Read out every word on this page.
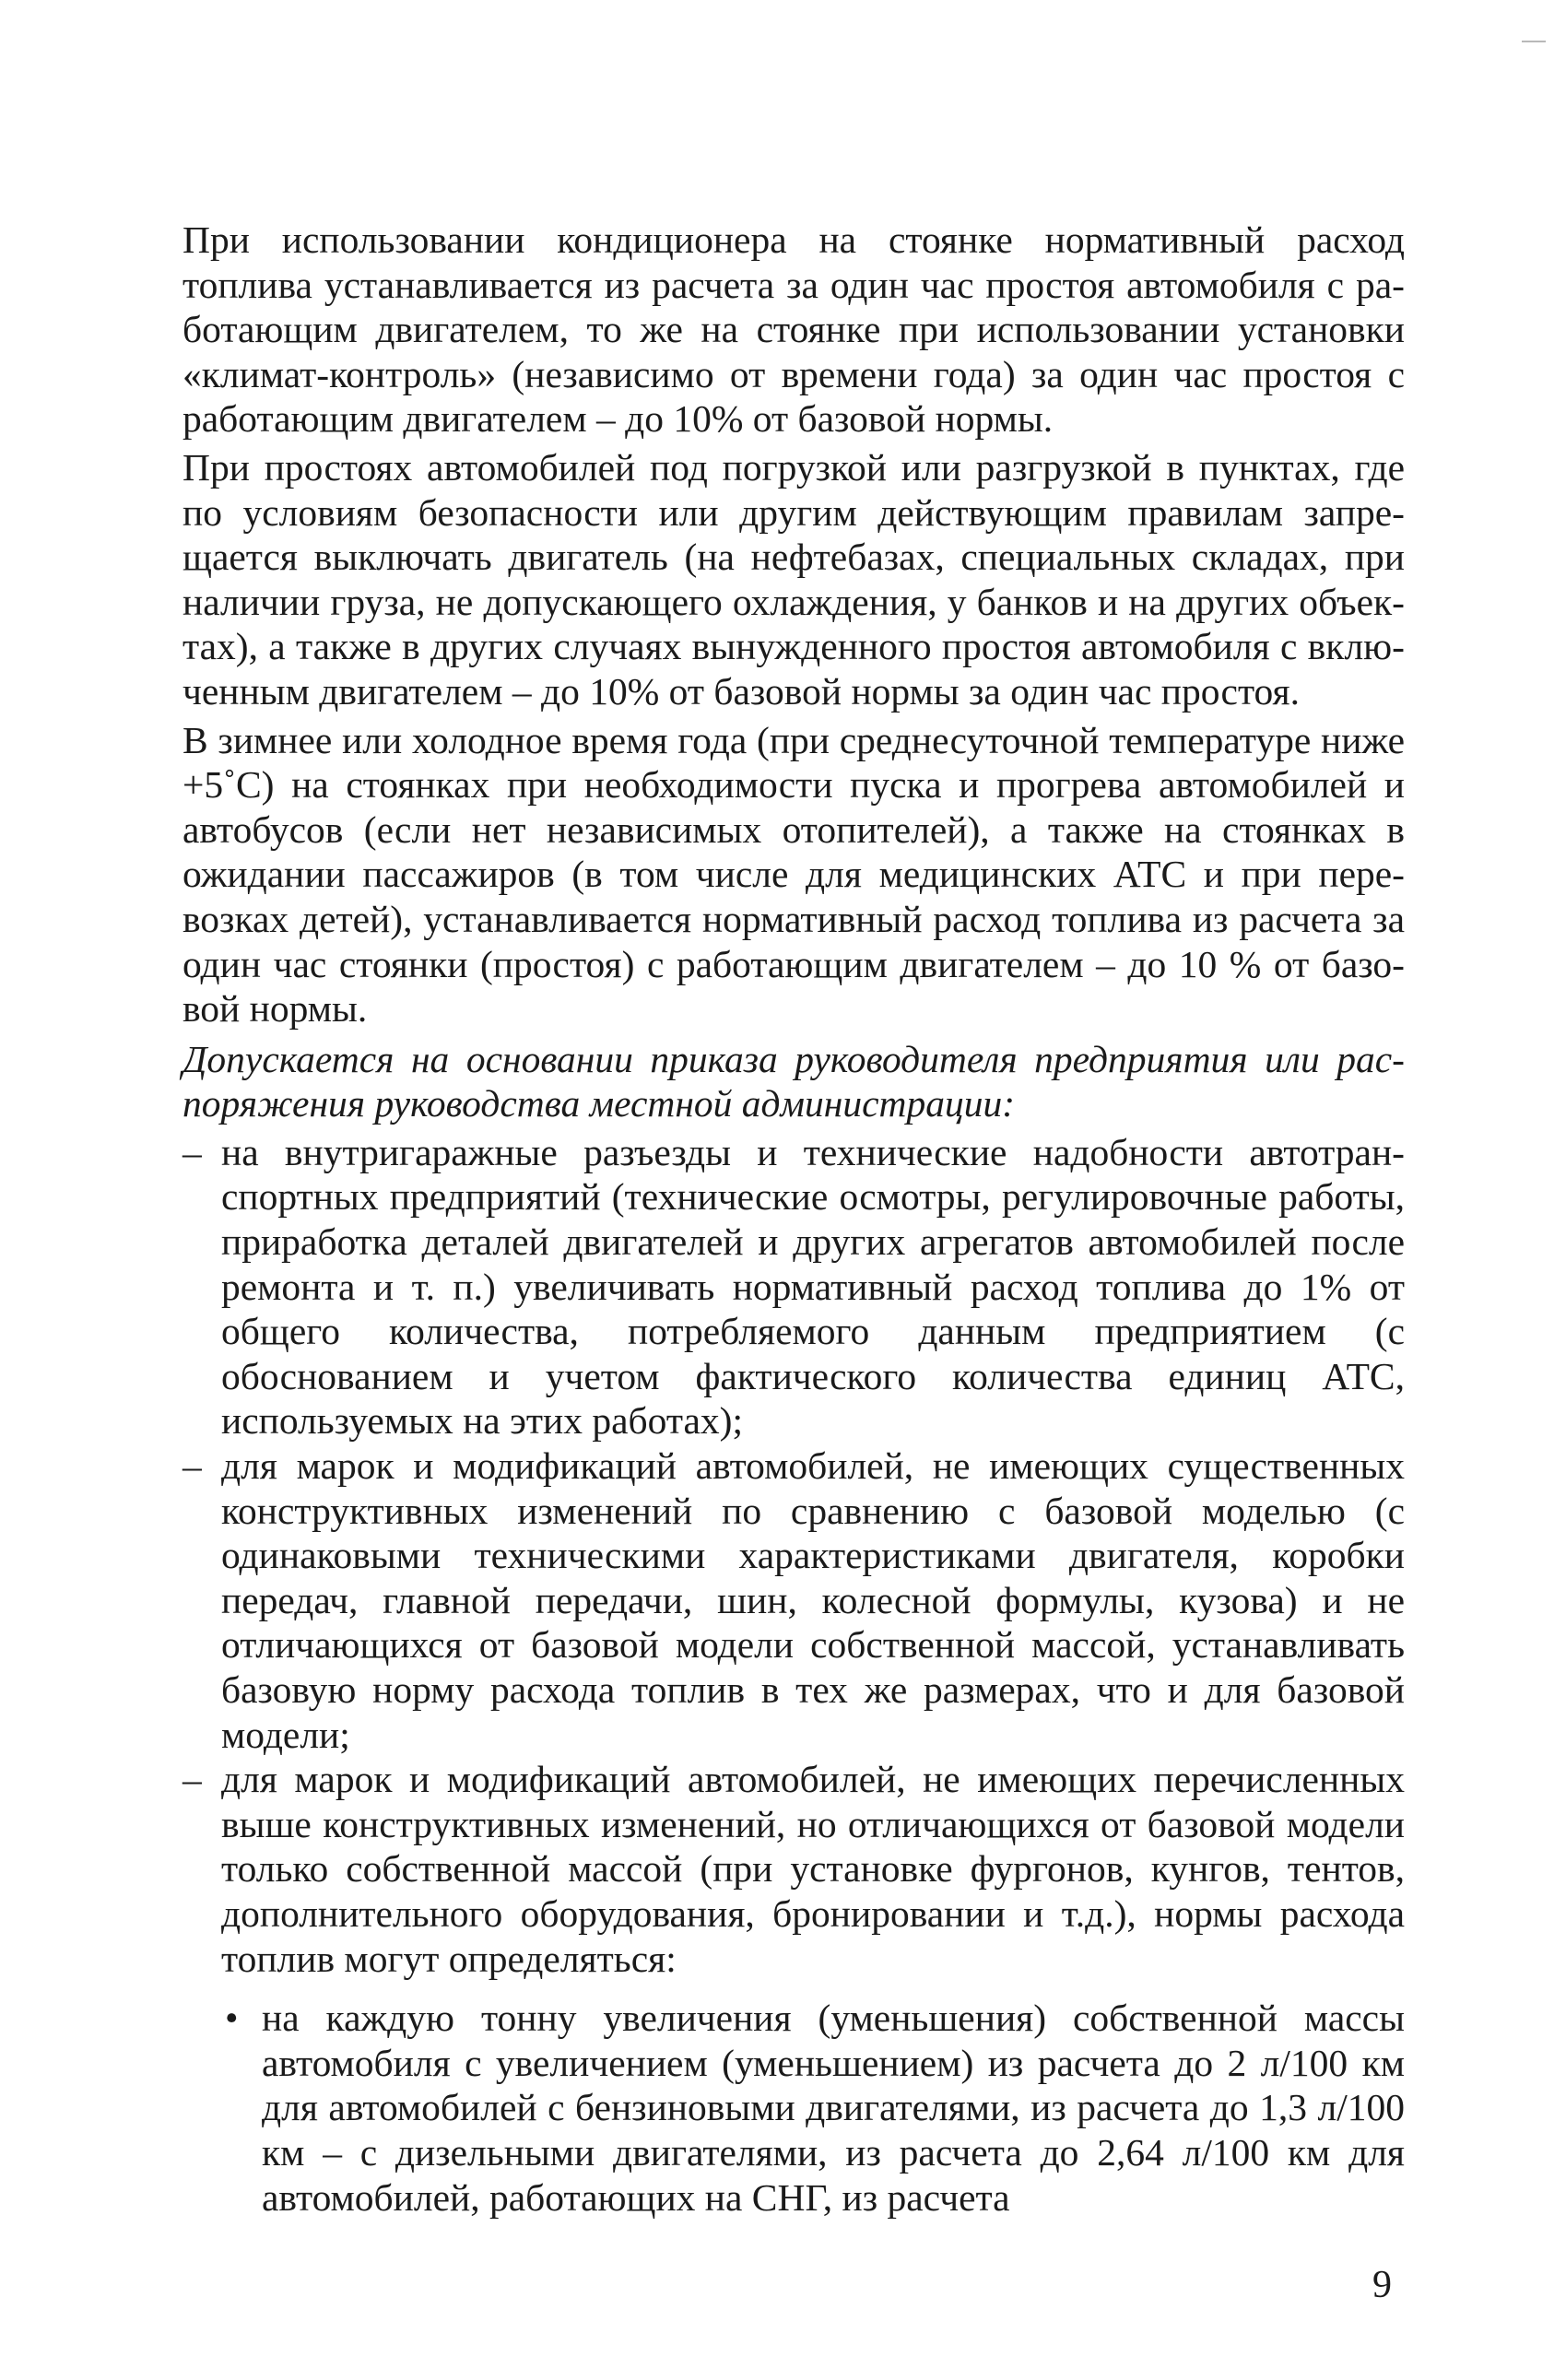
При использовании кондиционера на стоянке нормативный расход топлива устанавливается из расчета за один час простоя автомобиля с работающим двигателем, то же на стоянке при использовании установки «климат-контроль» (независимо от времени года) за один час простоя с работающим двигателем – до 10% от базовой нормы.

При простоях автомобилей под погрузкой или разгрузкой в пунктах, где по условиям безопасности или другим действующим правилам запрещается выключать двигатель (на нефтебазах, специальных складах, при наличии груза, не допускающего охлаждения, у банков и на других объектах), а также в других случаях вынужденного простоя автомобиля с включенным двигателем – до 10% от базовой нормы за один час простоя.

В зимнее или холодное время года (при среднесуточной температуре ниже +5˚С) на стоянках при необходимости пуска и прогрева автомобилей и автобусов (если нет независимых отопителей), а также на стоянках в ожидании пассажиров (в том числе для медицинских АТС и при перевозках детей), устанавливается нормативный расход топлива из расчета за один час стоянки (простоя) с работающим двигателем – до 10 % от базовой нормы.

Допускается на основании приказа руководителя предприятия или распоряжения руководства местной администрации:

– на внутригаражные разъезды и технические надобности автотранспортных предприятий (технические осмотры, регулировочные работы, приработка деталей двигателей и других агрегатов автомобилей после ремонта и т. п.) увеличивать нормативный расход топлива до 1% от общего количества, потребляемого данным предприятием (с обоснованием и учетом фактического количества единиц АТС, используемых на этих работах);
– для марок и модификаций автомобилей, не имеющих существенных конструктивных изменений по сравнению с базовой моделью (с одинаковыми техническими характеристиками двигателя, коробки передач, главной передачи, шин, колесной формулы, кузова) и не отличающихся от базовой модели собственной массой, устанавливать базовую норму расхода топлив в тех же размерах, что и для базовой модели;
– для марок и модификаций автомобилей, не имеющих перечисленных выше конструктивных изменений, но отличающихся от базовой модели только собственной массой (при установке фургонов, кунгов, тентов, дополнительного оборудования, бронировании и т.д.), нормы расхода топлив могут определяться:
• на каждую тонну увеличения (уменьшения) собственной массы автомобиля с увеличением (уменьшением) из расчета до 2 л/100 км для автомобилей с бензиновыми двигателями, из расчета до 1,3 л/100 км – с дизельными двигателями, из расчета до 2,64 л/100 км для автомобилей, работающих на СНГ, из расчета
9
